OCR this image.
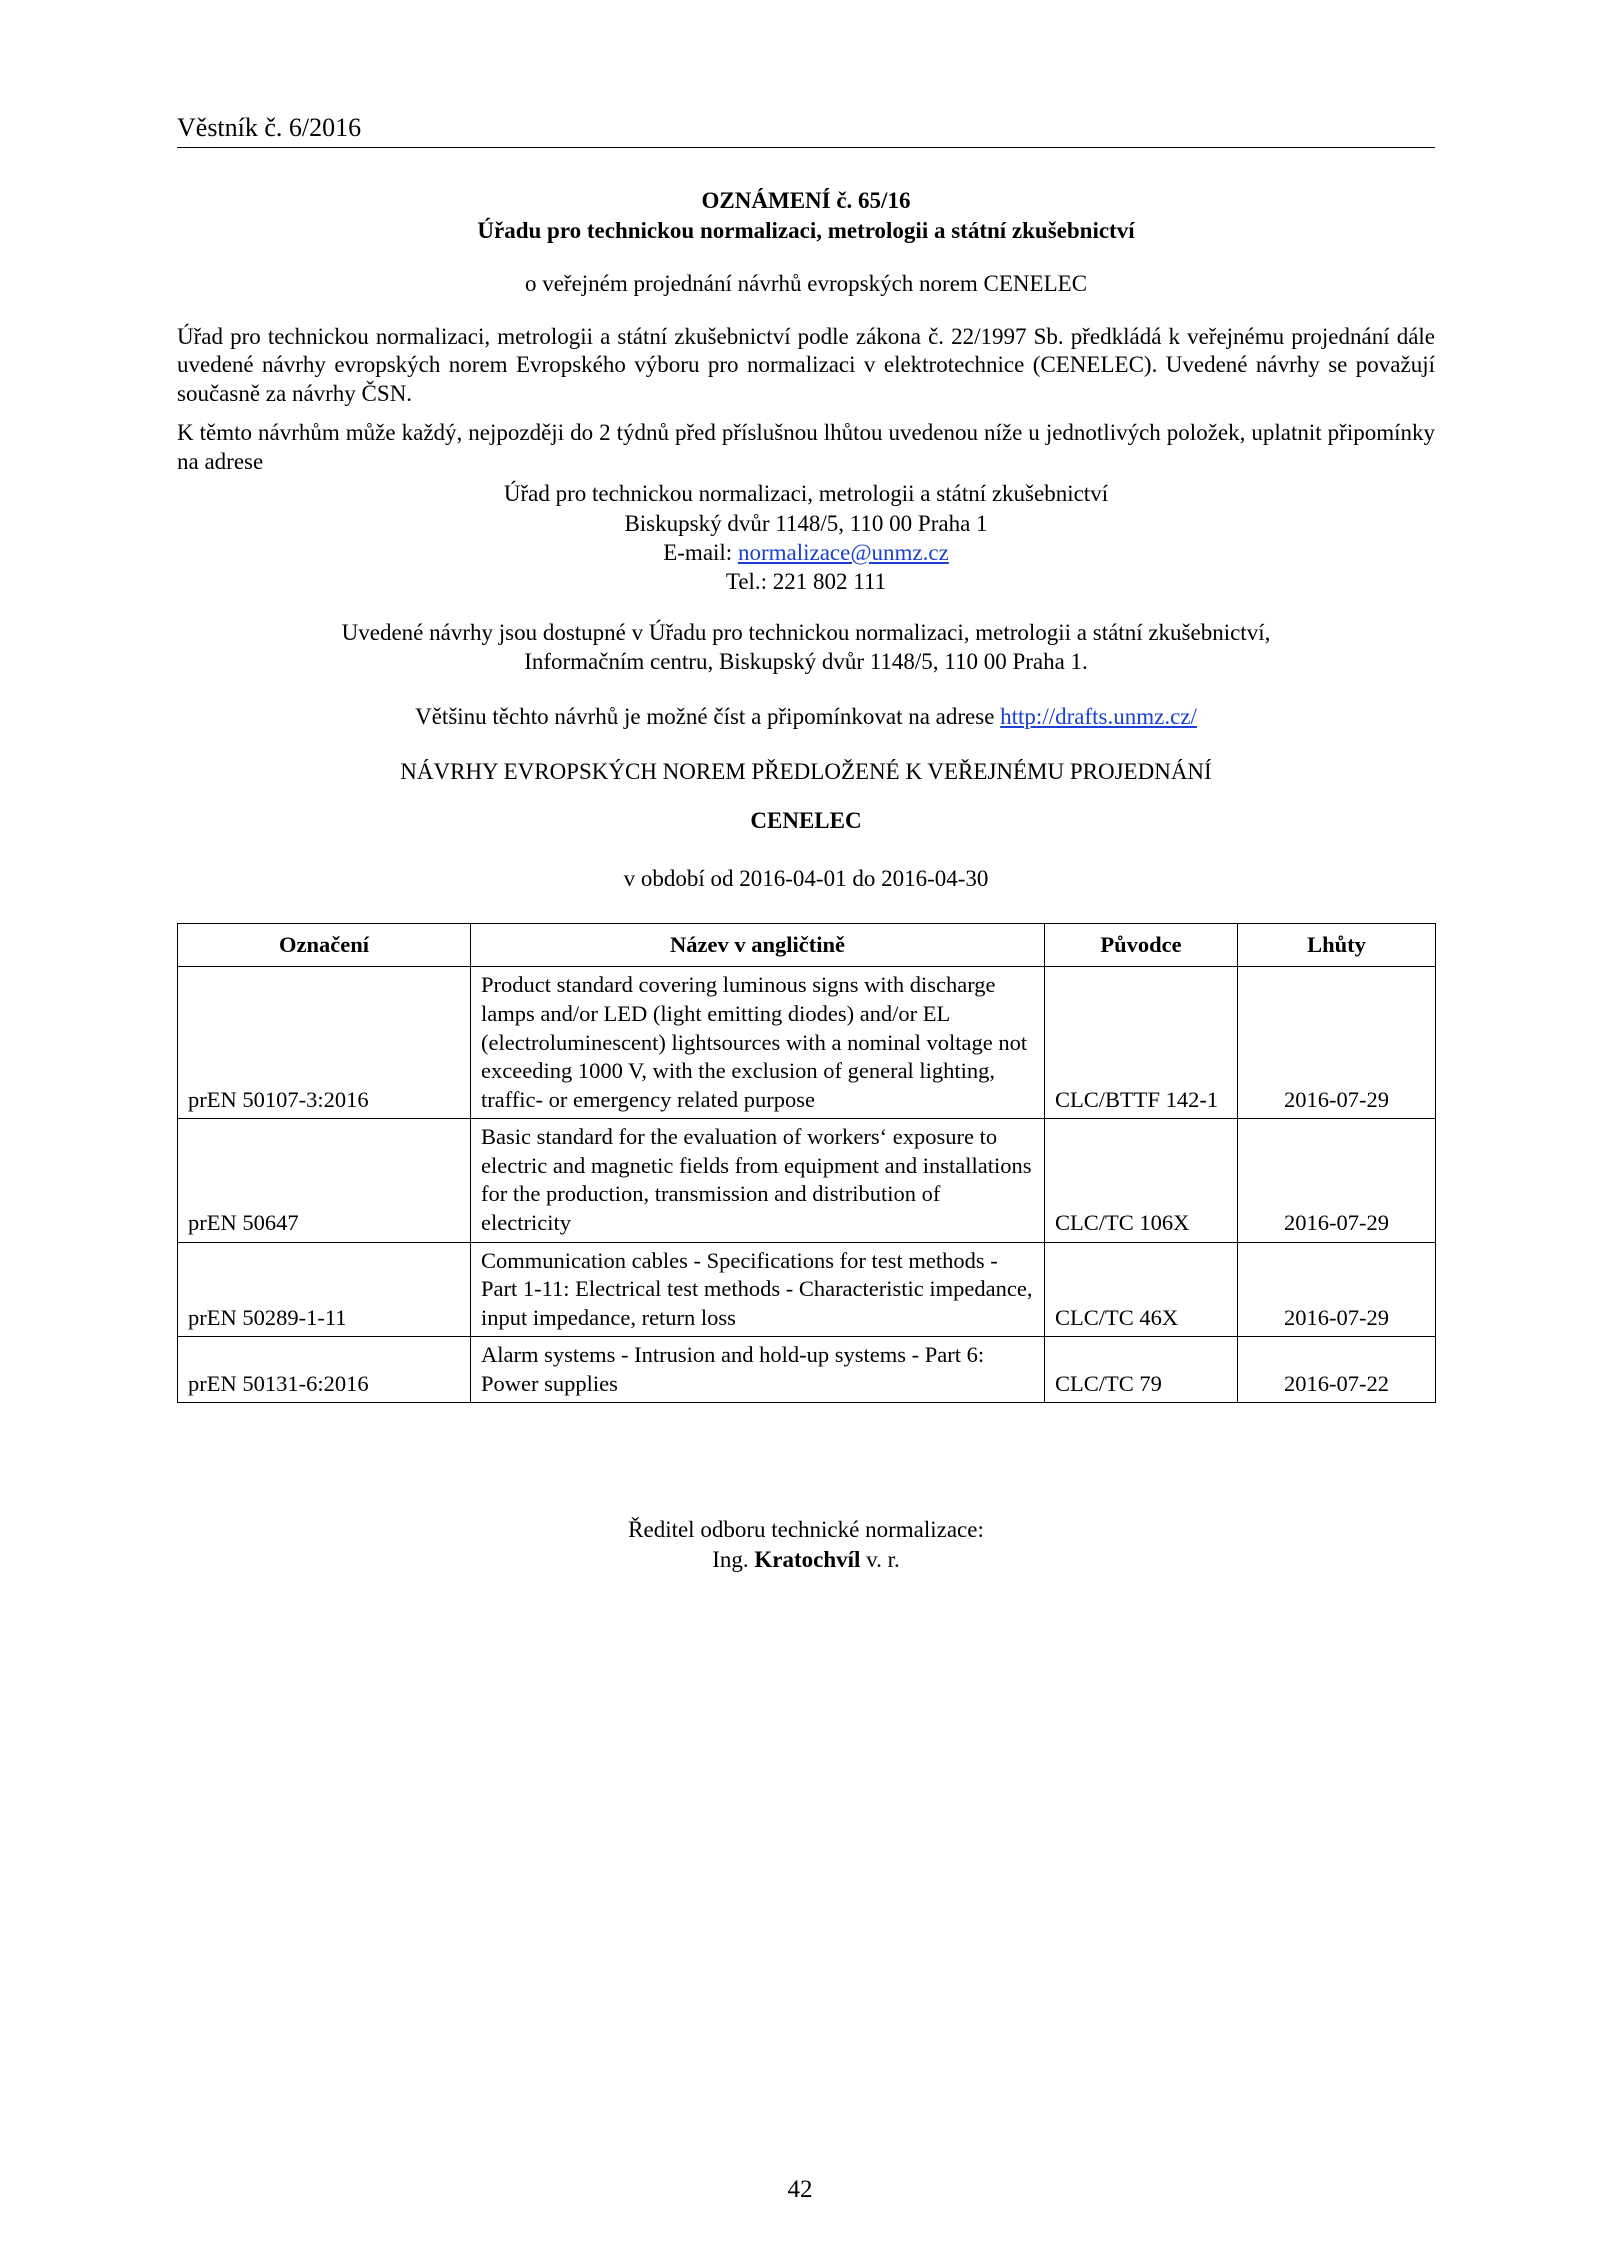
Věstník č. 6/2016
OZNÁMENÍ č. 65/16
Úřadu pro technickou normalizaci, metrologii a státní zkušebnictví
o veřejném projednání návrhů evropských norem CENELEC
Úřad pro technickou normalizaci, metrologii a státní zkušebnictví podle zákona č. 22/1997 Sb. předkládá k veřejnému projednání dále uvedené návrhy evropských norem Evropského výboru pro normalizaci v elektrotechnice (CENELEC). Uvedené návrhy se považují současně za návrhy ČSN.
K těmto návrhům může každý, nejpozději do 2 týdnů před příslušnou lhůtou uvedenou níže u jednotlivých položek, uplatnit připomínky na adrese
Úřad pro technickou normalizaci, metrologii a státní zkušebnictví
Biskupský dvůr 1148/5, 110 00 Praha 1
E-mail: normalizace@unmz.cz
Tel.: 221 802 111
Uvedené návrhy jsou dostupné v Úřadu pro technickou normalizaci, metrologii a státní zkušebnictví,
Informačním centru, Biskupský dvůr 1148/5, 110 00 Praha 1.
Většinu těchto návrhů je možné číst a připomínkovat na adrese http://drafts.unmz.cz/
NÁVRHY EVROPSKÝCH NOREM PŘEDLOŽENÉ K VEŘEJNÉMU PROJEDNÁNÍ
CENELEC
v období od 2016-04-01 do 2016-04-30
Označení	Název v angličtině	Původce	Lhůty
prEN 50107-3:2016	Product standard covering luminous signs with discharge lamps and/or LED (light emitting diodes) and/or EL (electroluminescent) lightsources with a nominal voltage not exceeding 1000 V, with the exclusion of general lighting, traffic- or emergency related purpose	CLC/BTTF 142-1	2016-07-29
prEN 50647	Basic standard for the evaluation of workers‘ exposure to electric and magnetic fields from equipment and installations for the production, transmission and distribution of electricity	CLC/TC 106X	2016-07-29
prEN 50289-1-11	Communication cables - Specifications for test methods - Part 1-11: Electrical test methods - Characteristic impedance, input impedance, return loss	CLC/TC 46X	2016-07-29
prEN 50131-6:2016	Alarm systems - Intrusion and hold-up systems - Part 6: Power supplies	CLC/TC 79	2016-07-22
Ředitel odboru technické normalizace:
Ing. Kratochvíl v. r.
42
